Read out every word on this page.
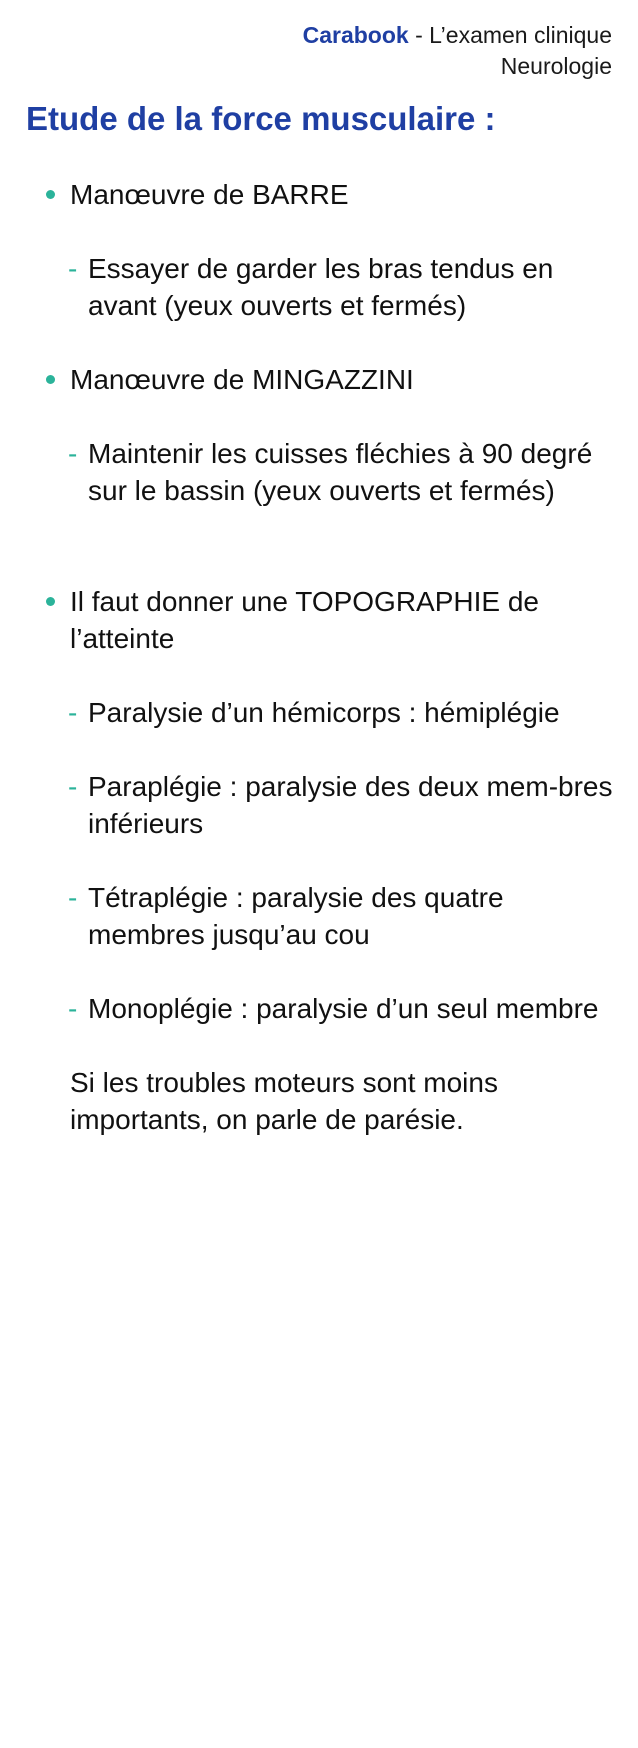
Carabook - L’examen clinique
Neurologie
Etude de la force musculaire :
Manœuvre de BARRE
- Essayer de garder les bras tendus en avant (yeux ouverts et fermés)
Manœuvre de MINGAZZINI
- Maintenir les cuisses fléchies à 90 degré sur le bassin (yeux ouverts et fermés)
Il faut donner une TOPOGRAPHIE de l’atteinte
- Paralysie d’un hémicorps : hémiplégie
- Paraplégie : paralysie des deux mem-bres inférieurs
- Tétraplégie : paralysie des quatre membres jusqu’au cou
- Monoplégie : paralysie d’un seul membre
Si les troubles moteurs sont moins importants, on parle de parésie.
